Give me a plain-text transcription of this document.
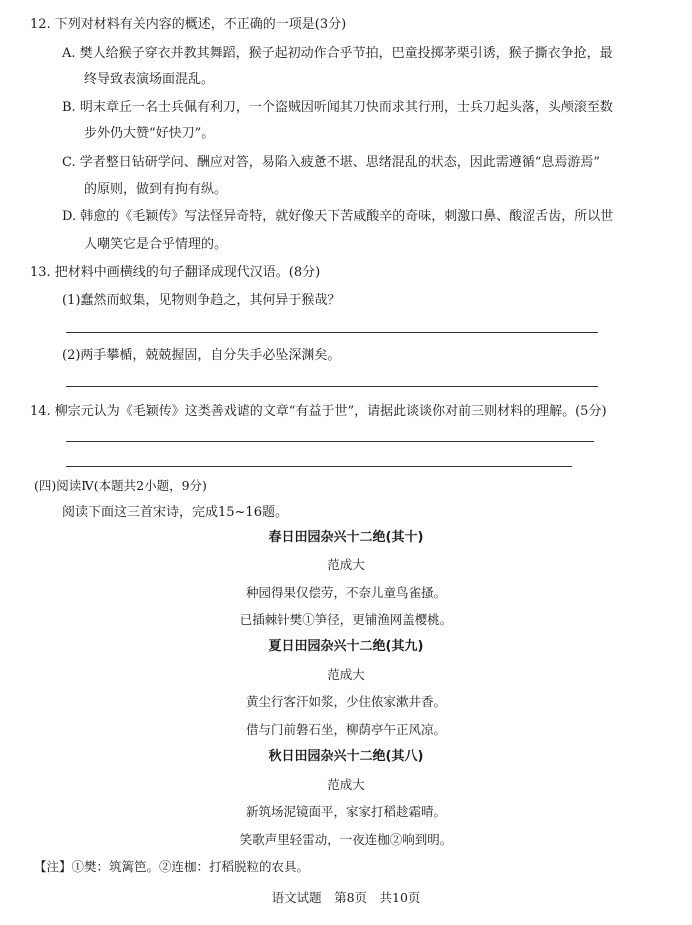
12. 下列对材料有关内容的概述，不正确的一项是(3分)
A. 樊人给猴子穿衣并教其舞蹈，猴子起初动作合乎节拍，巴童投掷茅栗引诱，猴子撕衣争抢，最
终导致表演场面混乱。
B. 明末章丘一名士兵佩有利刀，一个盗贼因听闻其刀快而求其行刑，士兵刀起头落，头颅滚至数
步外仍大赞“好快刀”。
C. 学者整日钻研学问、酬应对答，易陷入疲惫不堪、思绪混乱的状态，因此需遵循“息焉游焉”
的原则，做到有拘有纵。
D. 韩愈的《毛颖传》写法怪异奇特，就好像天下苦咸酸辛的奇味，刺激口鼻、酸涩舌齿，所以世
人嘲笑它是合乎情理的。
13. 把材料中画横线的句子翻译成现代汉语。(8分)
(1)蠢然而蚁集，见物则争趋之，其何异于猴哉？
(2)两手攀楯，兢兢握固，自分失手必坠深渊矣。
14. 柳宗元认为《毛颖传》这类善戏谑的文章“有益于世”，请据此谈谈你对前三则材料的理解。(5分)
(四)阅读Ⅳ(本题共2小题，9分)
阅读下面这三首宋诗，完成15~16题。
春日田园杂兴十二绝(其十)
范成大
种园得果仅偿劳，不奈儿童鸟雀搔。
已插棘针樊①笋径，更铺渔网盖樱桃。
夏日田园杂兴十二绝(其九)
范成大
黄尘行客汗如浆，少住侬家漱井香。
借与门前磐石坐，柳荫亭午正风凉。
秋日田园杂兴十二绝(其八)
范成大
新筑场泥镜面平，家家打稻趁霜晴。
笑歌声里轻雷动，一夜连枷②响到明。
【注】①樊：筑篱笆。②连枷：打稻脱粒的农具。
语文试题　第8页　共10页
